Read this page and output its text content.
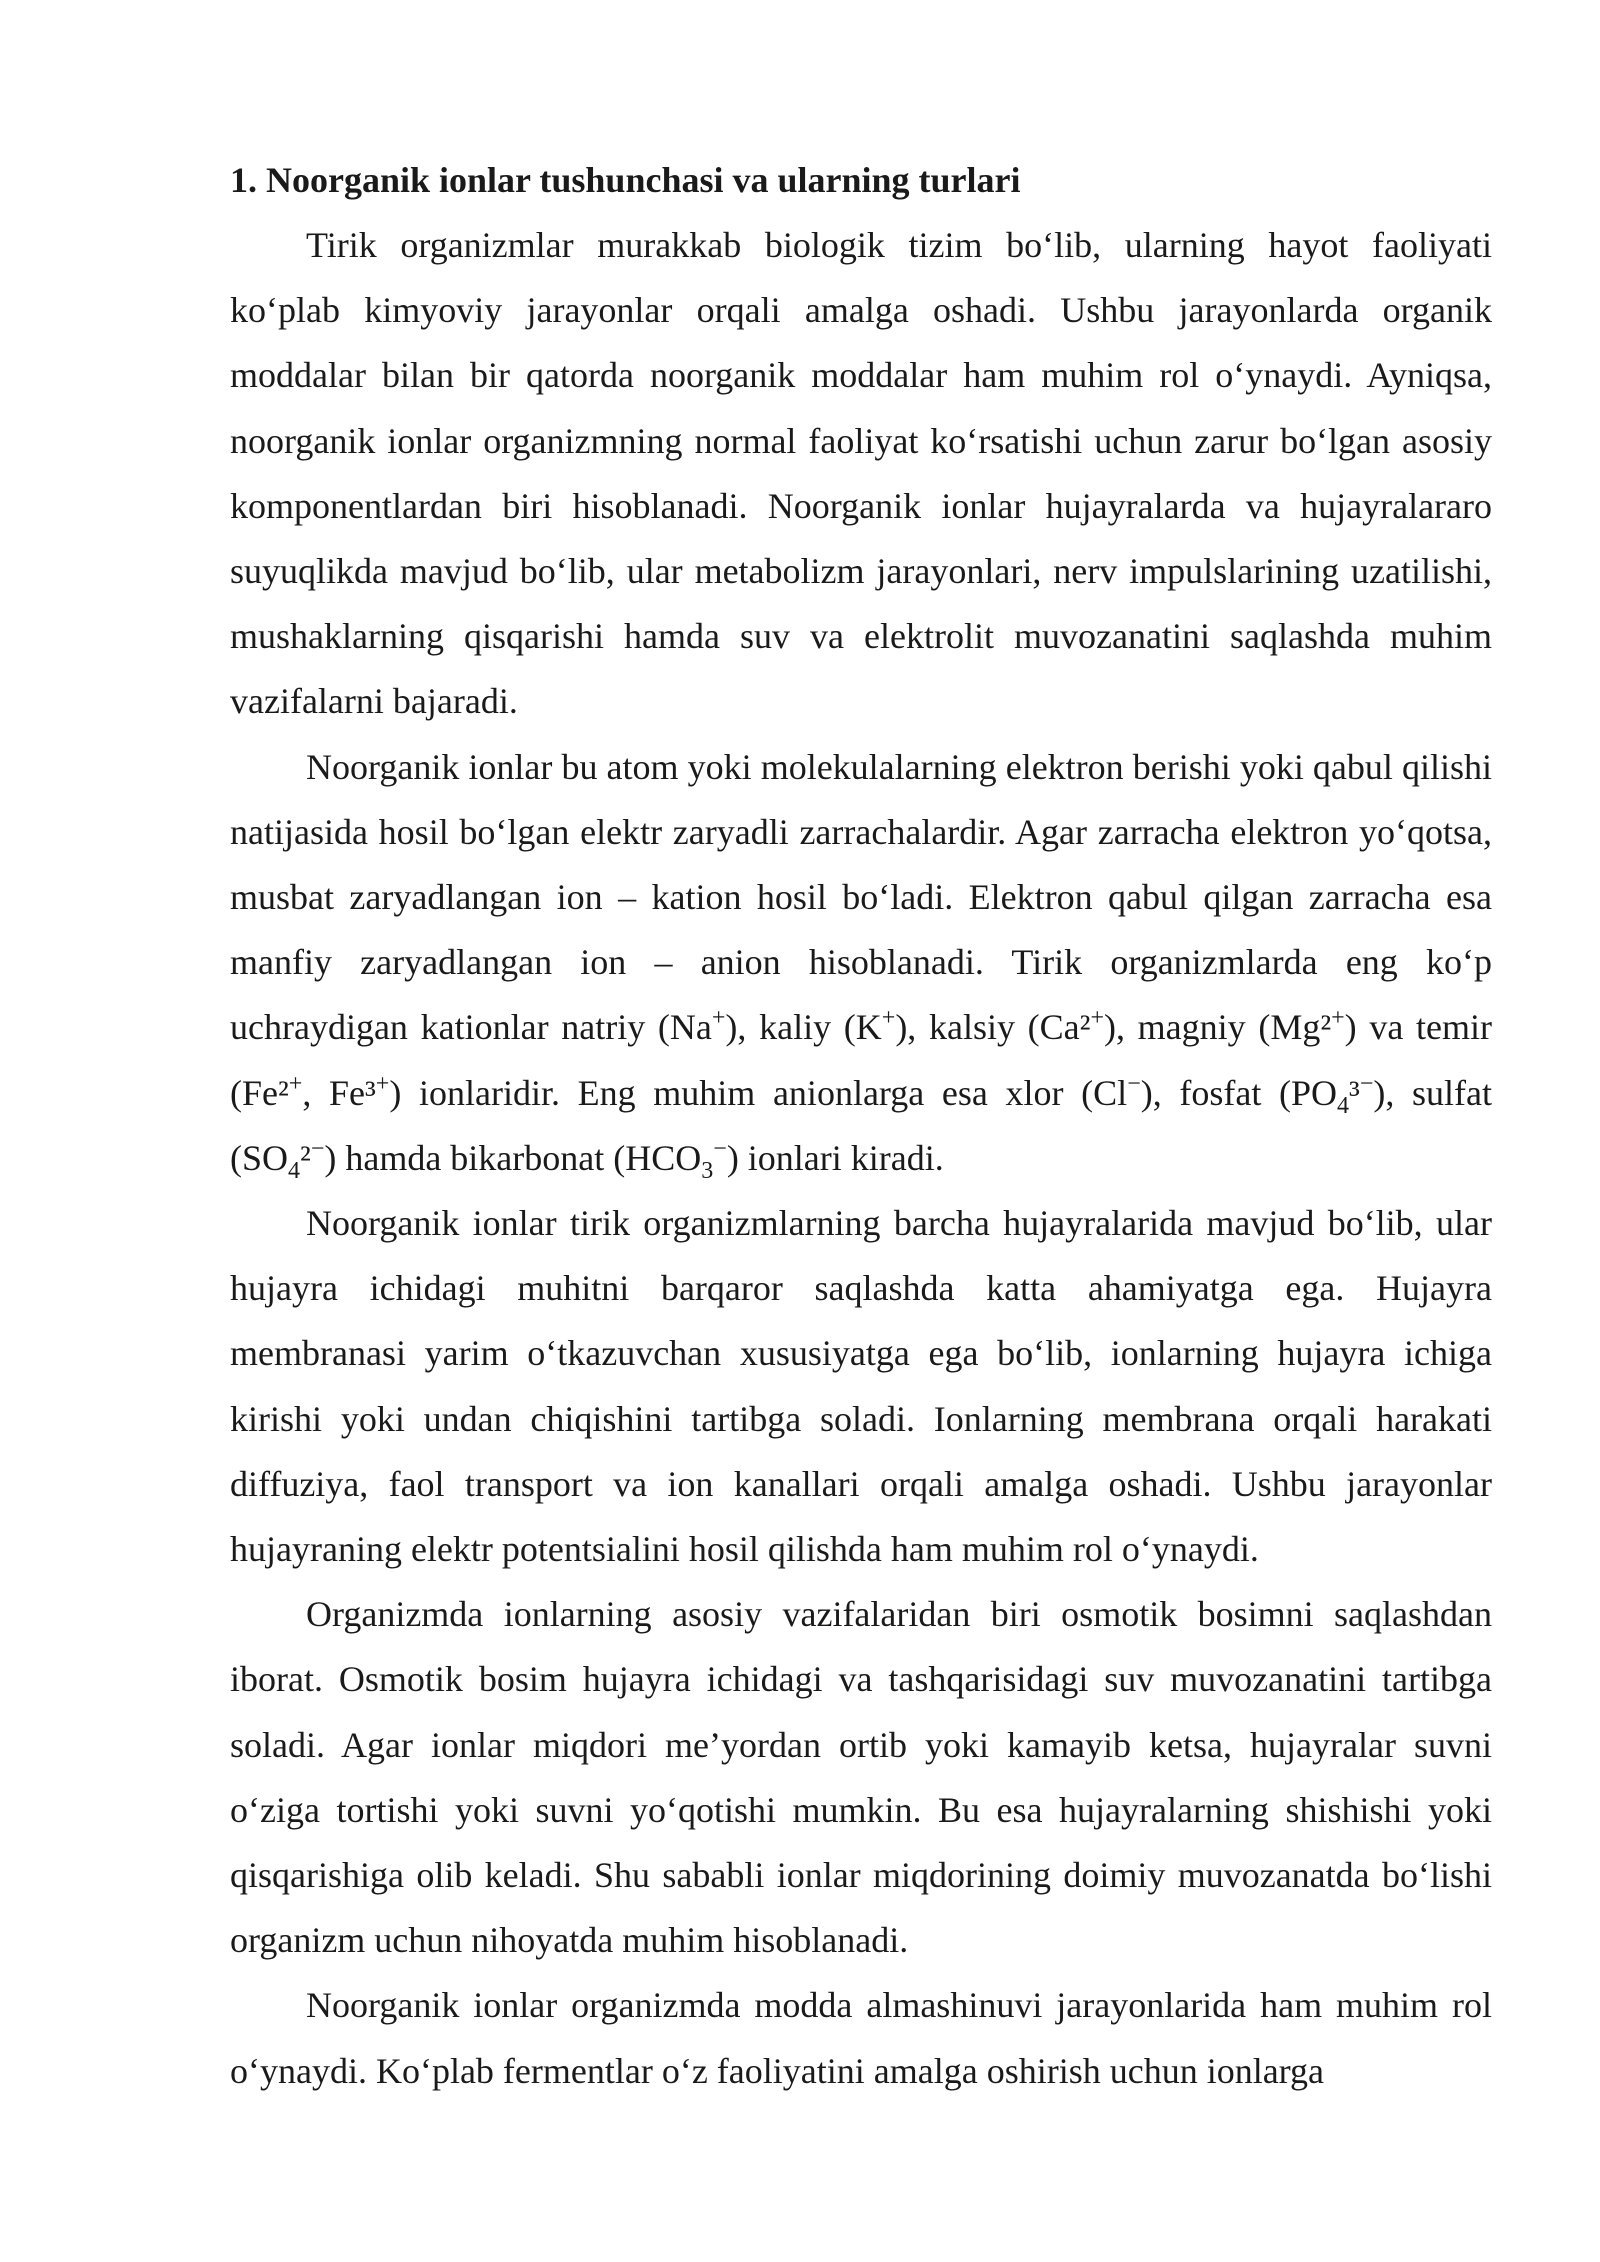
1. Noorganik ionlar tushunchasi va ularning turlari

Tirik organizmlar murakkab biologik tizim bo‘lib, ularning hayot faoliyati ko‘plab kimyoviy jarayonlar orqali amalga oshadi. Ushbu jarayonlarda organik moddalar bilan bir qatorda noorganik moddalar ham muhim rol o‘ynaydi. Ayniqsa, noorganik ionlar organizmning normal faoliyat ko‘rsatishi uchun zarur bo‘lgan asosiy komponentlardan biri hisoblanadi. Noorganik ionlar hujayralarda va hujayralararo suyuqlikda mavjud bo‘lib, ular metabolizm jarayonlari, nerv impulslarining uzatilishi, mushaklarning qisqarishi hamda suv va elektrolit muvozanatini saqlashda muhim vazifalarni bajaradi.

Noorganik ionlar bu atom yoki molekulalarning elektron berishi yoki qabul qilishi natijasida hosil bo‘lgan elektr zaryadli zarrachalardir. Agar zarracha elektron yo‘qotsa, musbat zaryadlangan ion – kation hosil bo‘ladi. Elektron qabul qilgan zarracha esa manfiy zaryadlangan ion – anion hisoblanadi. Tirik organizmlarda eng ko‘p uchraydigan kationlar natriy (Na+), kaliy (K+), kalsiy (Ca²+), magniy (Mg²+) va temir (Fe²+, Fe³+) ionlaridir. Eng muhim anionlarga esa xlor (Cl−), fosfat $(PO_4^3^-)$, sulfat $(SO_4^2^-)$ hamda bikarbonat $(HCO_3^-)$ ionlari kiradi.

Noorganik ionlar tirik organizmlarning barcha hujayralarida mavjud bo‘lib, ular hujayra ichidagi muhitni barqaror saqlashda katta ahamiyatga ega. Hujayra membranasi yarim o‘tkazuvchan xususiyatga ega bo‘lib, ionlarning hujayra ichiga kirishi yoki undan chiqishini tartibga soladi. Ionlarning membrana orqali harakati diffuziya, faol transport va ion kanallari orqali amalga oshadi. Ushbu jarayonlar hujayraning elektr potentsialini hosil qilishda ham muhim rol o‘ynaydi.

Organizmda ionlarning asosiy vazifalaridan biri osmotik bosimni saqlashdan iborat. Osmotik bosim hujayra ichidagi va tashqarisidagi suv muvozanatini tartibga soladi. Agar ionlar miqdori me’yordan ortib yoki kamayib ketsa, hujayralar suvni o‘ziga tortishi yoki suvni yo‘qotishi mumkin. Bu esa hujayralarning shishishi yoki qisqarishiga olib keladi. Shu sababli ionlar miqdorining doimiy muvozanatda bo‘lishi organizm uchun nihoyatda muhim hisoblanadi.

Noorganik ionlar organizmda modda almashinuvi jarayonlarida ham muhim rol o‘ynaydi. Ko‘plab fermentlar o‘z faoliyatini amalga oshirish uchun ionlarga
